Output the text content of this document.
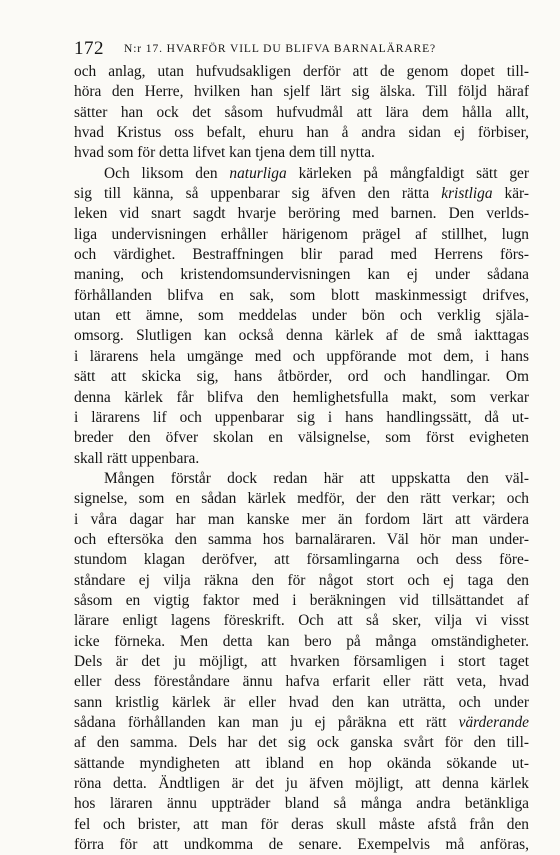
172 N:r 17. HVARFÖR VILL DU BLIFVA BARNALÄRARE?
och anlag, utan hufvudsakligen derför att de genom dopet till-
höra den Herre, hvilken han sjelf lärt sig älska. Till följd häraf
sätter han ock det såsom hufvudmål att lära dem hålla allt,
hvad Kristus oss befalt, ehuru han å andra sidan ej förbiser,
hvad som för detta lifvet kan tjena dem till nytta.
Och liksom den naturliga kärleken på mångfaldigt sätt ger
sig till känna, så uppenbarar sig äfven den rätta kristliga kär-
leken vid snart sagdt hvarje beröring med barnen. Den verlds-
liga undervisningen erhåller härigenom prägel af stillhet, lugn
och värdighet. Bestraffningen blir parad med Herrens förs-
maning, och kristendomsundervisningen kan ej under sådana
förhållanden blifva en sak, som blott maskinmessigt drifves,
utan ett ämne, som meddelas under bön och verklig själa-
omsorg. Slutligen kan också denna kärlek af de små iakttagas
i lärarens hela umgänge med och uppförande mot dem, i hans
sätt att skicka sig, hans åtbörder, ord och handlingar. Om
denna kärlek får blifva den hemlighetsfulla makt, som verkar
i lärarens lif och uppenbarar sig i hans handlingssätt, då ut-
breder den öfver skolan en välsignelse, som först evigheten
skall rätt uppenbara.
Mången förstår dock redan här att uppskatta den väl-
signelse, som en sådan kärlek medför, der den rätt verkar; och
i våra dagar har man kanske mer än fordom lärt att värdera
och eftersöka den samma hos barnaläraren. Väl hör man under-
stundom klagan deröfver, att församlingarna och dess före-
ståndare ej vilja räkna den för något stort och ej taga den
såsom en vigtig faktor med i beräkningen vid tillsättandet af
lärare enligt lagens föreskrift. Och att så sker, vilja vi visst
icke förneka. Men detta kan bero på många omständigheter.
Dels är det ju möjligt, att hvarken församligen i stort taget
eller dess föreståndare ännu hafva erfarit eller rätt veta, hvad
sann kristlig kärlek är eller hvad den kan uträtta, och under
sådana förhållanden kan man ju ej påräkna ett rätt värderande
af den samma. Dels har det sig ock ganska svårt för den till-
sättande myndigheten att ibland en hop okända sökande ut-
röna detta. Ändtligen är det ju äfven möjligt, att denna kärlek
hos läraren ännu uppträder bland så många andra betänkliga
fel och brister, att man för deras skull måste afstå från den
förra för att undkomma de senare. Exempelvis må anföras,
